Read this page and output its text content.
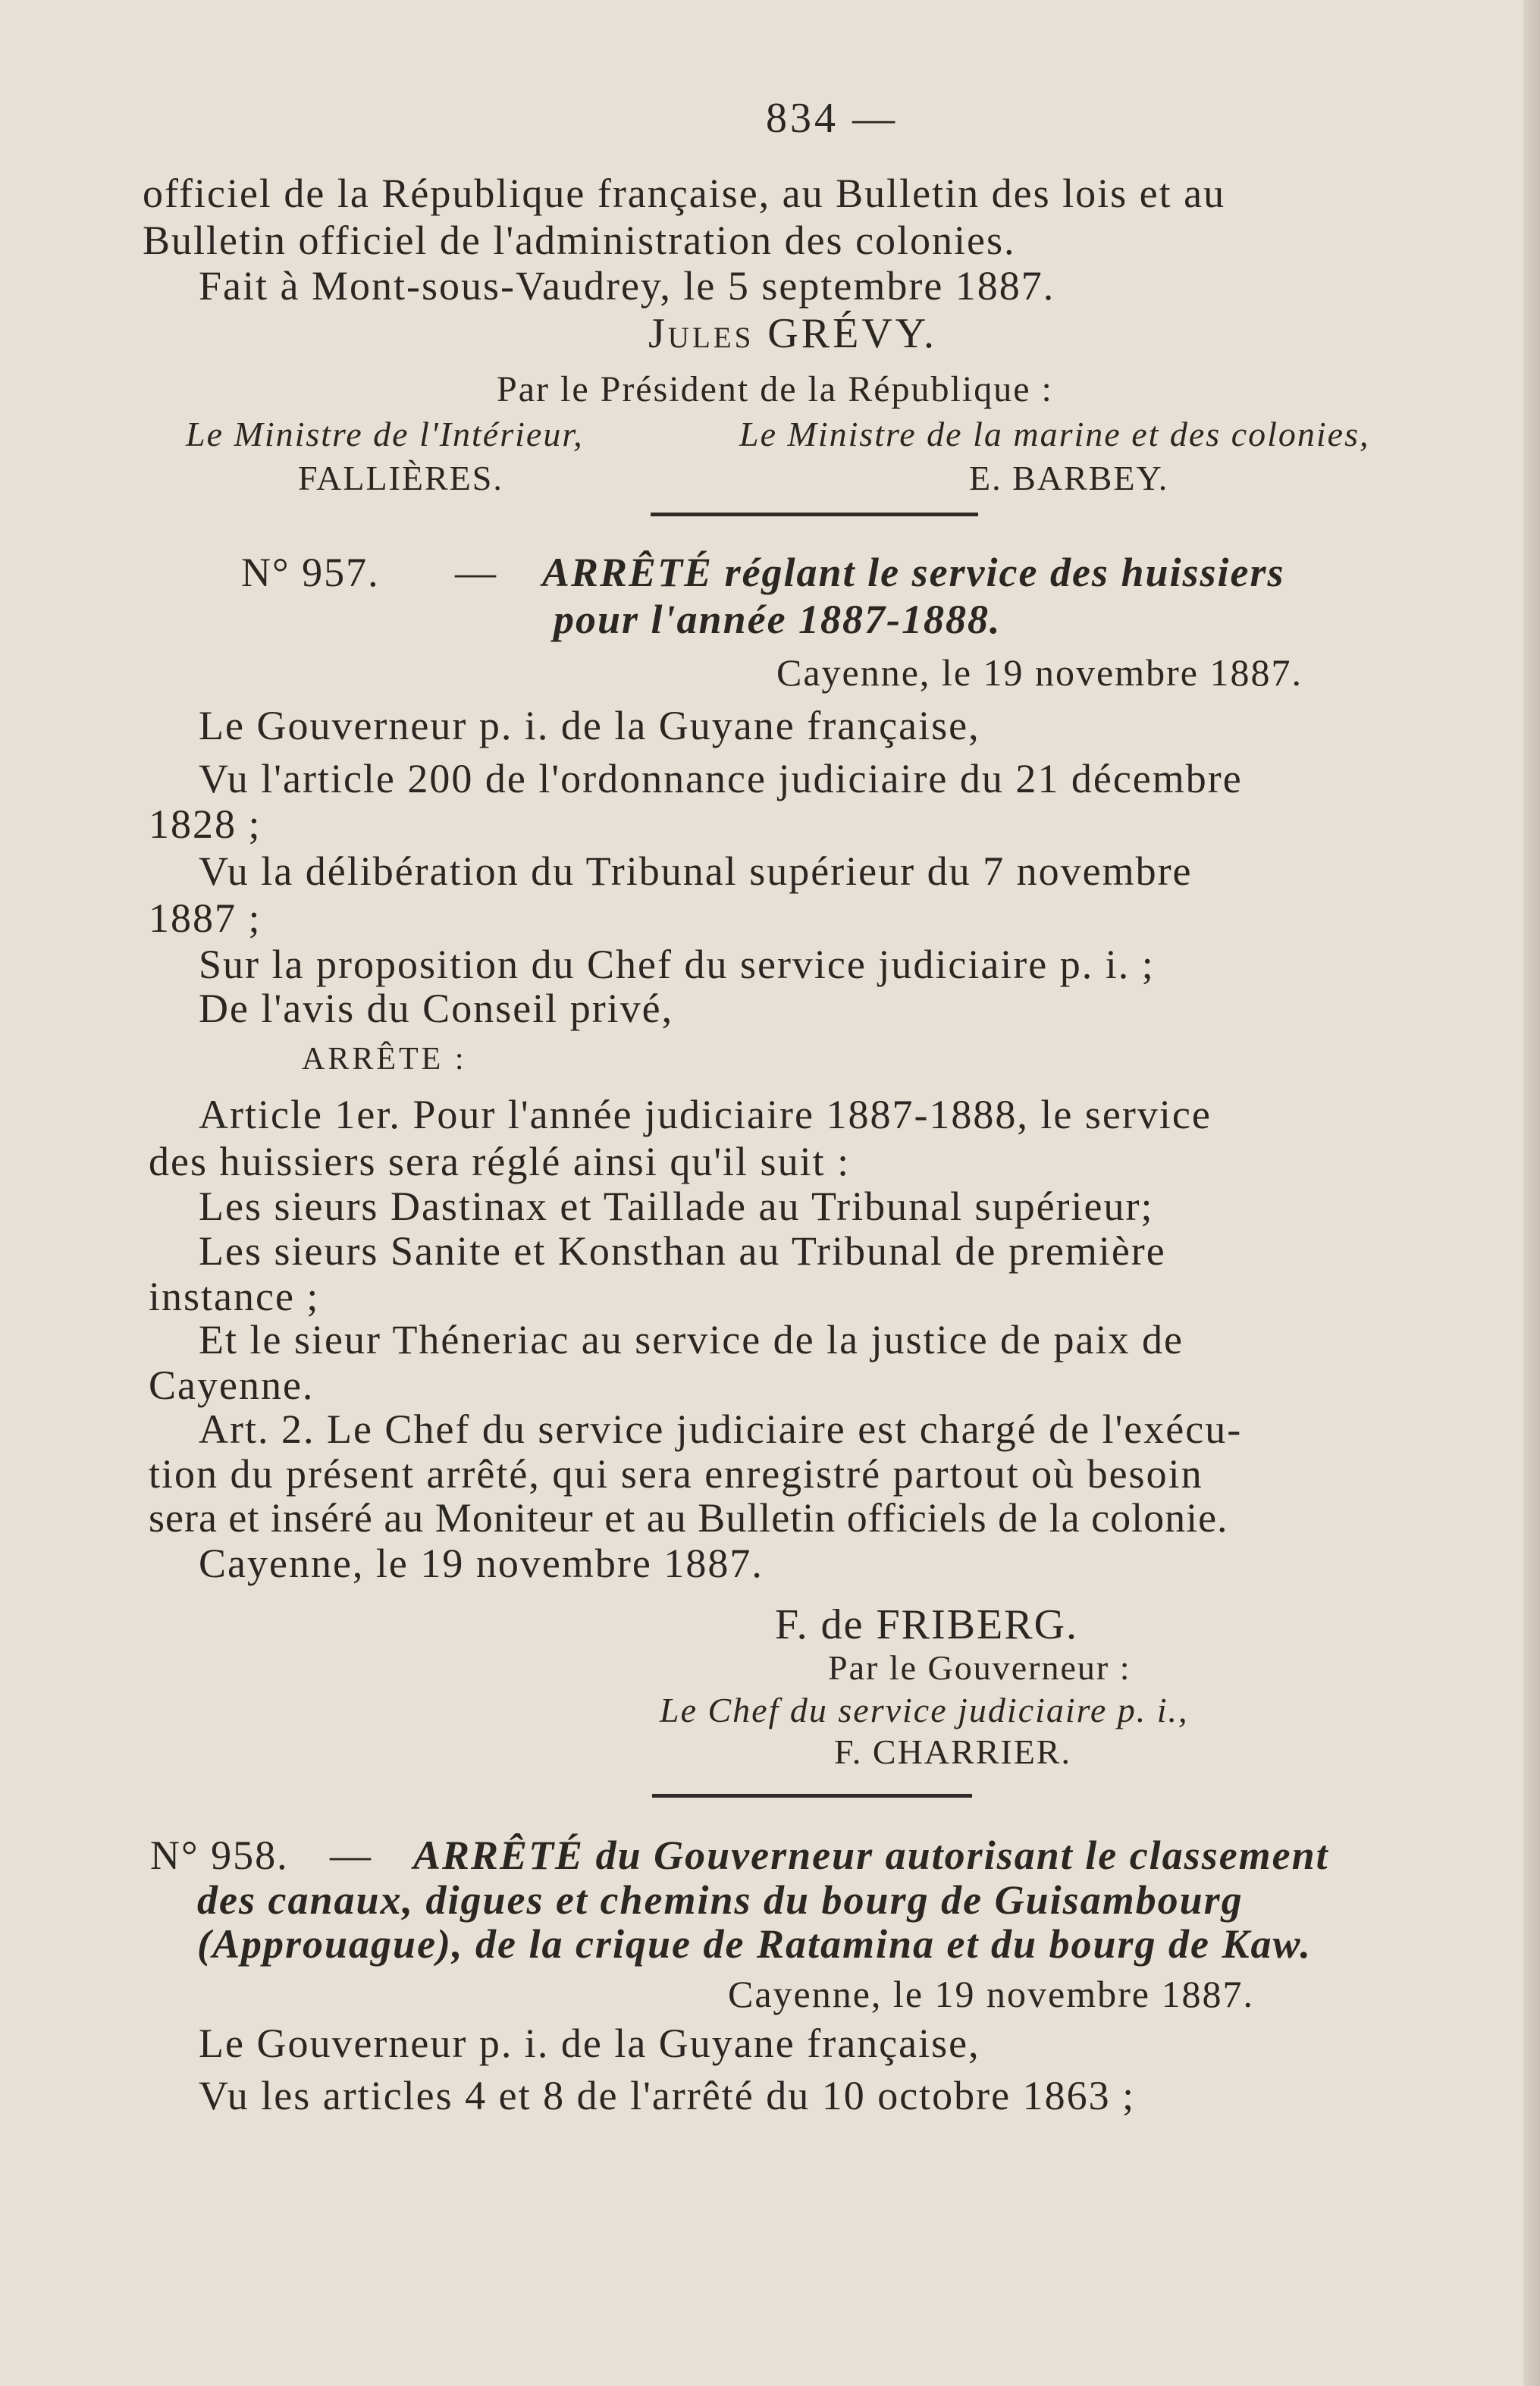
834 —
officiel de la République française, au Bulletin des lois et au
Bulletin officiel de l'administration des colonies.
Fait à Mont-sous-Vaudrey, le 5 septembre 1887.
Jules GRÉVY.
Par le Président de la République :
Le Ministre de l'Intérieur,	Le Ministre de la marine et des colonies,
FALLIÈRES.	E. BARBEY.
N° 957. — ARRÊTÉ réglant le service des huissiers
pour l'année 1887-1888.
Cayenne, le 19 novembre 1887.
Le Gouverneur p. i. de la Guyane française,
Vu l'article 200 de l'ordonnance judiciaire du 21 décembre
1828 ;
Vu la délibération du Tribunal supérieur du 7 novembre
1887 ;
Sur la proposition du Chef du service judiciaire p. i. ;
De l'avis du Conseil privé,
ARRÊTE :
Article 1er. Pour l'année judiciaire 1887-1888, le service
des huissiers sera réglé ainsi qu'il suit :
Les sieurs Dastinax et Taillade au Tribunal supérieur;
Les sieurs Sanite et Konsthan au Tribunal de première
instance ;
Et le sieur Théneriac au service de la justice de paix de
Cayenne.
Art. 2. Le Chef du service judiciaire est chargé de l'exécu-
tion du présent arrêté, qui sera enregistré partout où besoin
sera et inséré au Moniteur et au Bulletin officiels de la colonie.
Cayenne, le 19 novembre 1887.
F. de FRIBERG.
Par le Gouverneur :
Le Chef du service judiciaire p. i.,
F. CHARRIER.
N° 958. — ARRÊTÉ du Gouverneur autorisant le classement
des canaux, digues et chemins du bourg de Guisambourg
(Approuague), de la crique de Ratamina et du bourg de Kaw.
Cayenne, le 19 novembre 1887.
Le Gouverneur p. i. de la Guyane française,
Vu les articles 4 et 8 de l'arrêté du 10 octobre 1863 ;
